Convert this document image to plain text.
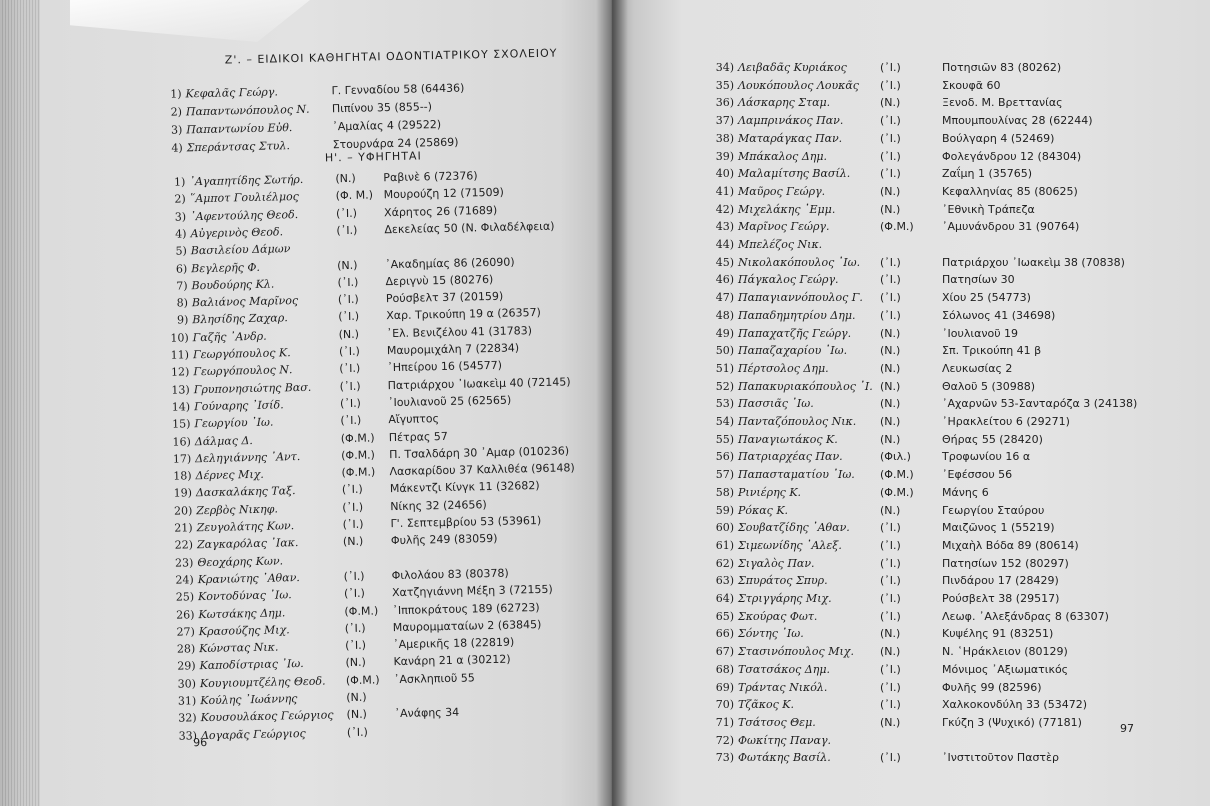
Ζ'. – ΕΙΔΙΚΟΙ ΚΑΘΗΓΗΤΑΙ ΟΔΟΝΤΙΑΤΡΙΚΟΥ ΣΧΟΛΕΙΟΥ
1) Κεφαλᾶς Γεώργ.	Γ. Γενναδίου 58 (64436)
2) Παπαντωνόπουλος Ν. Πιπίνου 35 (855--)
3) Παπαντωνίου Εὐθ.	᾽Αμαλίας 4 (29522)
4) Σπεράντσας Στυλ.	Στουρνάρα 24 (25869)
Η'. – ΥΦΗΓΗΤΑΙ
1) ᾽Αγαπητίδης Σωτήρ.	(Ν.) Ραβινὲ 6 (72376)
2) ῞Αμποτ Γουλιέλμος	(Φ. Μ.) Μουρούζη 12 (71509)
3) ᾽Αφεντούλης Θεοδ.	(᾽Ι.) Χάρητος 26 (71689)
4) Αὐγερινὸς Θεοδ.	(᾽Ι.) Δεκελείας 50 (Ν. Φιλαδέλφεια)
5) Βασιλείου Δάμων
6) Βεγλερῆς Φ.	(Ν.) ᾽Ακαδημίας 86 (26090)
7) Βουδούρης Κλ.	(᾽Ι.) Δεριγνὺ 15 (80276)
8) Βαλιάνος Μαρῖνος	(᾽Ι.) Ρούσβελτ 37 (20159)
9) Βλησίδης Ζαχαρ.	(᾽Ι.) Χαρ. Τρικούπη 19 α (26357)
10) Γαζῆς ᾽Ανδρ.	(Ν.) ᾽Ελ. Βενιζέλου 41 (31783)
11) Γεωργόπουλος Κ.	(᾽Ι.) Μαυρομιχάλη 7 (22834)
12) Γεωργόπουλος Ν.	(᾽Ι.) ᾽Ηπείρου 16 (54577)
13) Γρυπονησιώτης Βασ.	(᾽Ι.) Πατριάρχου ᾽Ιωακεὶμ 40 (72145)
14) Γούναρης ᾽Ισίδ.	(᾽Ι.) ᾽Ιουλιανοῦ 25 (62565)
15) Γεωργίου ᾽Ιω.	(᾽Ι.) Αἴγυπτος
16) Δάλμας Δ.	(Φ.Μ.) Πέτρας 57
17) Δεληγιάννης ᾽Αντ.	(Φ.Μ.) Π. Τσαλδάρη 30 ᾽Αμαρ (010236)
18) Δέρνες Μιχ.	(Φ.Μ.) Λασκαρίδου 37 Καλλιθέα (96148)
19) Δασκαλάκης Ταξ.	(᾽Ι.) Μάκεντζι Κίνγκ 11 (32682)
20) Ζερβὸς Νικηφ.	(᾽Ι.) Νίκης 32 (24656)
21) Ζευγολάτης Κων.	(᾽Ι.) Γ'. Σεπτεμβρίου 53 (53961)
22) Ζαγκαρόλας ᾽Ιακ.	(Ν.) Φυλῆς 249 (83059)
23) Θεοχάρης Κων.
24) Κρανιώτης ᾽Αθαν.	(᾽Ι.) Φιλολάου 83 (80378)
25) Κοντοδύνας ᾽Ιω.	(᾽Ι.) Χατζηγιάννη Μέξη 3 (72155)
26) Κωτσάκης Δημ.	(Φ.Μ.) ᾽Ιπποκράτους 189 (62723)
27) Κρασούζης Μιχ.	(᾽Ι.) Μαυρομματαίων 2 (63845)
28) Κώνστας Νικ.	(᾽Ι.) ᾽Αμερικῆς 18 (22819)
29) Καποδίστριας ᾽Ιω.	(Ν.) Κανάρη 21 α (30212)
30) Κουγιουμτζέλης Θεοδ. (Φ.Μ.) ᾽Ασκληπιοῦ 55
31) Κούλης ᾽Ιωάννης	(Ν.)
32) Κουσουλάκος Γεώργιος (Ν.) ᾽Ανάφης 34
33) Λογαρᾶς Γεώργιος	(᾽Ι.)
96
34) Λειβαδᾶς Κυριάκος	(᾽Ι.)	Ποτησιῶν 83 (80262)
35) Λουκόπουλος Λουκᾶς (᾽Ι.)	Σκουφᾶ 60
36) Λάσκαρης Σταμ.	(Ν.)	Ξενοδ. Μ. Βρεττανίας
37) Λαμπρινάκος Παν.	(᾽Ι.)	Μπουμπουλίνας 28 (62244)
38) Ματαράγκας Παν.	(᾽Ι.)	Βούλγαρη 4 (52469)
39) Μπάκαλος Δημ.	(᾽Ι.)	Φολεγάνδρου 12 (84304)
40) Μαλαμίτσης Βασίλ.	(᾽Ι.)	Ζαΐμη 1 (35765)
41) Μαῦρος Γεώργ.	(Ν.)	Κεφαλληνίας 85 (80625)
42) Μιχελάκης ᾽Εμμ.	(Ν.)	᾽Εθνικὴ Τράπεζα
43) Μαρῖνος Γεώργ.	(Φ.Μ.)	᾽Αμυνάνδρου 31 (90764)
44) Μπελέζος Νικ.
45) Νικολακόπουλος ᾽Ιω. (᾽Ι.)	Πατριάρχου ᾽Ιωακεὶμ 38 (70838)
46) Πάγκαλος Γεώργ.	(᾽Ι.)	Πατησίων 30
47) Παπαγιαννόπουλος Γ. (᾽Ι.)	Χίου 25 (54773)
48) Παπαδημητρίου Δημ. (᾽Ι.)	Σόλωνος 41 (34698)
49) Παπαχατζῆς Γεώργ.	(Ν.)	᾽Ιουλιανοῦ 19
50) Παπαζαχαρίου ᾽Ιω.	(Ν.)	Σπ. Τρικούπη 41 β
51) Πέρτσολος Δημ.	(Ν.)	Λευκωσίας 2
52) Παπακυριακόπουλος ᾽Ι. (Ν.)	Θαλοῦ 5 (30988)
53) Πασσιᾶς ᾽Ιω.	(Ν.)	᾽Αχαρνῶν 53-Σανταρόζα 3 (24138)
54) Πανταζόπουλος Νικ. (Ν.)	᾽Ηρακλείτου 6 (29271)
55) Παναγιωτάκος Κ.	(Ν.)	Θήρας 55 (28420)
56) Πατριαρχέας Παν.	(Φιλ.)	Τροφωνίου 16 α
57) Παπασταματίου ᾽Ιω. (Φ.Μ.)	᾽Εφέσσου 56
58) Ρινιέρης Κ.	(Φ.Μ.)	Μάνης 6
59) Ρόκας Κ.	(Ν.)	Γεωργίου Σταύρου
60) Σουβατζίδης ᾽Αθαν.	(᾽Ι.)	Μαιζῶνος 1 (55219)
61) Σιμεωνίδης ᾽Αλεξ.	(᾽Ι.)	Μιχαὴλ Βόδα 89 (80614)
62) Σιγαλὸς Παν.	(᾽Ι.)	Πατησίων 152 (80297)
63) Σπυράτος Σπυρ.	(᾽Ι.)	Πινδάρου 17 (28429)
64) Στριγγάρης Μιχ.	(᾽Ι.)	Ρούσβελτ 38 (29517)
65) Σκούρας Φωτ.	(᾽Ι.)	Λεωφ. ᾽Αλεξάνδρας 8 (63307)
66) Σόντης ᾽Ιω.	(Ν.)	Κυψέλης 91 (83251)
67) Στασινόπουλος Μιχ. (Ν.)	Ν. ῾Ηράκλειον (80129)
68) Τσατσάκος Δημ.	(᾽Ι.)	Μόνιμος ᾽Αξιωματικός
69) Τράντας Νικόλ.	(᾽Ι.)	Φυλῆς 99 (82596)
70) Τζᾶκος Κ.	(᾽Ι.)	Χαλκοκονδύλη 33 (53472)
71) Τσάτσος Θεμ.	(Ν.)	Γκύζη 3 (Ψυχικό) (77181)
72) Φωκίτης Παναγ.
73) Φωτάκης Βασίλ.	(᾽Ι.)	᾽Ινστιτοῦτον Παστὲρ
97
